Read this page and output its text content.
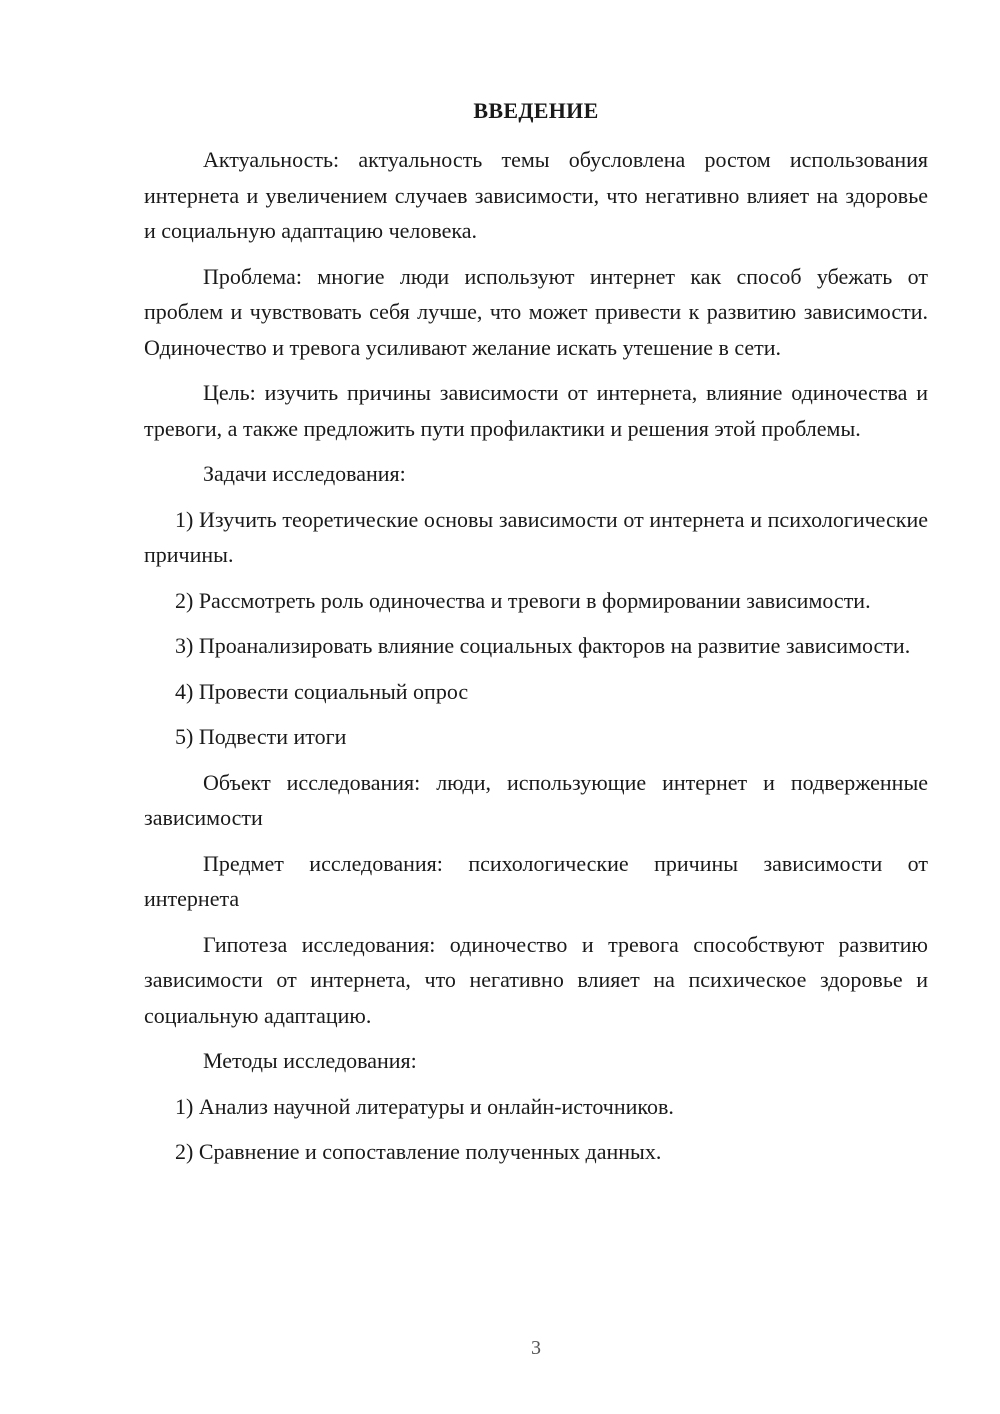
ВВЕДЕНИЕ

Актуальность: актуальность темы обусловлена ростом использования интернета и увеличением случаев зависимости, что негативно влияет на здоровье и социальную адаптацию человека.

Проблема: многие люди используют интернет как способ убежать от проблем и чувствовать себя лучше, что может привести к развитию зависимости. Одиночество и тревога усиливают желание искать утешение в сети.

Цель: изучить причины зависимости от интернета, влияние одиночества и тревоги, а также предложить пути профилактики и решения этой проблемы.

Задачи исследования:

1) Изучить теоретические основы зависимости от интернета и психологические причины.

2) Рассмотреть роль одиночества и тревоги в формировании зависимости.

3) Проанализировать влияние социальных факторов на развитие зависимости.

4) Провести социальный опрос

5) Подвести итоги

Объект исследования: люди, использующие интернет и подверженные зависимости

Предмет исследования: психологические причины зависимости от интернета

Гипотеза исследования: одиночество и тревога способствуют развитию зависимости от интернета, что негативно влияет на психическое здоровье и социальную адаптацию.

Методы исследования:

1) Анализ научной литературы и онлайн-источников.

2) Сравнение и сопоставление полученных данных.

3
